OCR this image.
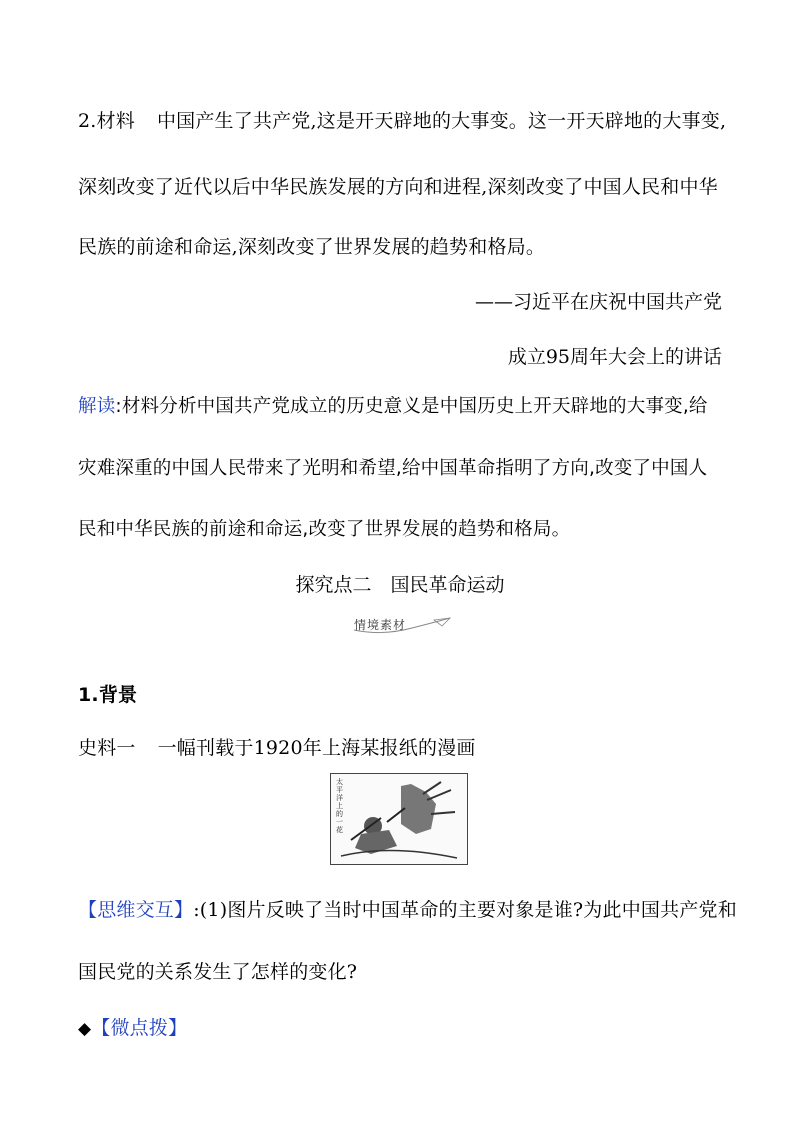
2.材料 中国产生了共产党,这是开天辟地的大事变。这一开天辟地的大事变,
深刻改变了近代以后中华民族发展的方向和进程,深刻改变了中国人民和中华
民族的前途和命运,深刻改变了世界发展的趋势和格局。
——习近平在庆祝中国共产党
成立95周年大会上的讲话
解读:材料分析中国共产党成立的历史意义是中国历史上开天辟地的大事变,给
灾难深重的中国人民带来了光明和希望,给中国革命指明了方向,改变了中国人
民和中华民族的前途和命运,改变了世界发展的趋势和格局。
探究点二　国民革命运动
情境素材
1.背景
史料一 一幅刊载于1920年上海某报纸的漫画
太平洋上的一花
【思维交互】:(1)图片反映了当时中国革命的主要对象是谁?为此中国共产党和
国民党的关系发生了怎样的变化?
◆【微点拨】
